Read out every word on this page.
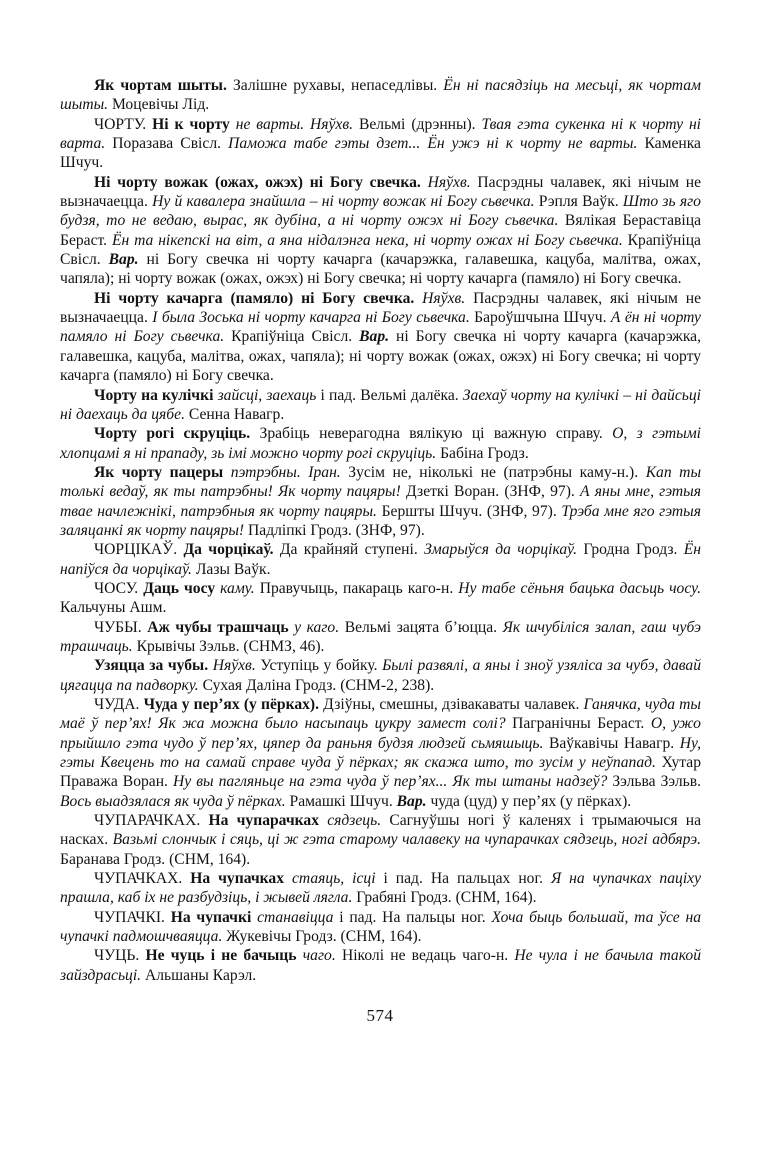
Як чортам шыты. Залішне рухавы, непаседлівы. Ён ні пасядзіць на месьці, як чортам шыты. Моцевічы Лід.

ЧОРТУ. Ні к чорту не варты. Няўхв. Вельмі (дрэнны). Твая гэта сукенка ні к чорту ні варта. Поразава Свісл. Паможа табе гэты дзет... Ён ужэ ні к чорту не варты. Каменка Шчуч.

Ні чорту вожак (ожах, ожэх) ні Богу свечка. Няўхв. Пасрэдны чалавек, які нічым не вызначаецца. Ну й кавалера знайшла – ні чорту вожак ні Богу сьвечка. Рэпля Ваўк. Што зь яго будзя, то не ведаю, вырас, як дубіна, а ні чорту ожэх ні Богу сьвечка. Вялікая Бераставіца Бераст. Ён та нікепскі на віт, а яна нідалэнга нека, ні чорту ожах ні Богу сьвечка. Крапіўніца Свісл. Вар. ні Богу свечка ні чорту качарга (качарэжка, галавешка, кацуба, малітва, ожах, чапяла); ні чорту вожак (ожах, ожэх) ні Богу свечка; ні чорту качарга (памяло) ні Богу свечка.

Ні чорту качарга (памяло) ні Богу свечка. Няўхв. Пасрэдны чалавек, які нічым не вызначаецца. І была Зоська ні чорту качарга ні Богу сьвечка. Бароўшчына Шчуч. А ён ні чорту памяло ні Богу сьвечка. Крапіўніца Свісл. Вар. ні Богу свечка ні чорту качарга (качарэжка, галавешка, кацуба, малітва, ожах, чапяла); ні чорту вожак (ожах, ожэх) ні Богу свечка; ні чорту качарга (памяло) ні Богу свечка.

Чорту на кулічкі зайсці, заехаць і пад. Вельмі далёка. Заехаў чорту на кулічкі – ні дайсьці ні даехаць да цябе. Сенна Навагр.

Чорту рогі скруціць. Зрабіць неверагодна вялікую ці важную справу. О, з гэтымі хлопцамі я ні прападу, зь імі можно чорту рогі скруціць. Бабіна Гродз.

Як чорту пацеры пэтрэбны. Іран. Зусім не, ніколькі не (патрэбны каму-н.). Кап ты толькі ведаў, як ты патрэбны! Як чорту пацяры! Дзеткі Воран. (ЗНФ, 97). А яны мне, гэтыя твае начлежнікі, патрэбныя як чорту пацяры. Бершты Шчуч. (ЗНФ, 97). Трэба мне яго гэтыя заляцанкі як чорту пацяры! Падліпкі Гродз. (ЗНФ, 97).

ЧОРЦІКАЎ. Да чорцікаў. Да крайняй ступені. Змарыўся да чорцікаў. Гродна Гродз. Ён напіўся да чорцікаў. Лазы Ваўк.

ЧОСУ. Даць чосу каму. Правучыць, пакараць каго-н. Ну табе сёньня бацька дасьць чосу. Кальчуны Ашм.

ЧУБЫ. Аж чубы трашчаць у каго. Вельмі зацята б’юцца. Як шчубіліся залап, гаш чубэ трашчаць. Крывічы Зэльв. (СНМЗ, 46).

Узяцца за чубы. Няўхв. Уступіць у бойку. Былі развялі, а яны і зноў узяліса за чубэ, давай цягацца па падворку. Сухая Даліна Гродз. (СНМ-2, 238).

ЧУДА. Чуда у пер’ях (у пёрках). Дзіўны, смешны, дзівакаваты чалавек. Ганячка, чуда ты маё ў пер’ях! Як жа можна было насыпаць цукру замест солі? Пагранічны Бераст. О, ужо прыйшло гэта чудо ў пер’ях, цяпер да раньня будзя людзей сьмяшыць. Ваўкавічы Навагр. Ну, гэты Квецень то на самай справе чуда ў пёрках; як скажа што, то зусім у неўпапад. Хутар Праважа Воран. Ну вы пагляньце на гэта чуда ў пер’ях... Як ты штаны надзеў? Зэльва Зэльв. Вось выадзялася як чуда ў пёрках. Рамашкі Шчуч. Вар. чуда (цуд) у пер’ях (у пёрках).

ЧУПАРАЧКАХ. На чупарачках сядзець. Сагнуўшы ногі ў каленях і трымаючыся на насках. Вазьмі слончык і сяць, ці ж гэта старому чалавеку на чупарачках сядзець, ногі адбярэ. Баранава Гродз. (СНМ, 164).

ЧУПАЧКАХ. На чупачках стаяць, ісці і пад. На пальцах ног. Я на чупачках паціху прашла, каб іх не разбудзіць, і жывей лягла. Грабяні Гродз. (СНМ, 164).

ЧУПАЧКІ. На чупачкі станавіцца і пад. На пальцы ног. Хоча быць большай, та ўсе на чупачкі падмошчваяцца. Жукевічы Гродз. (СНМ, 164).

ЧУЦЬ. Не чуць і не бачыць чаго. Ніколі не ведаць чаго-н. Не чула і не бачыла такой зайздрасьці. Альшаны Карэл.

574
